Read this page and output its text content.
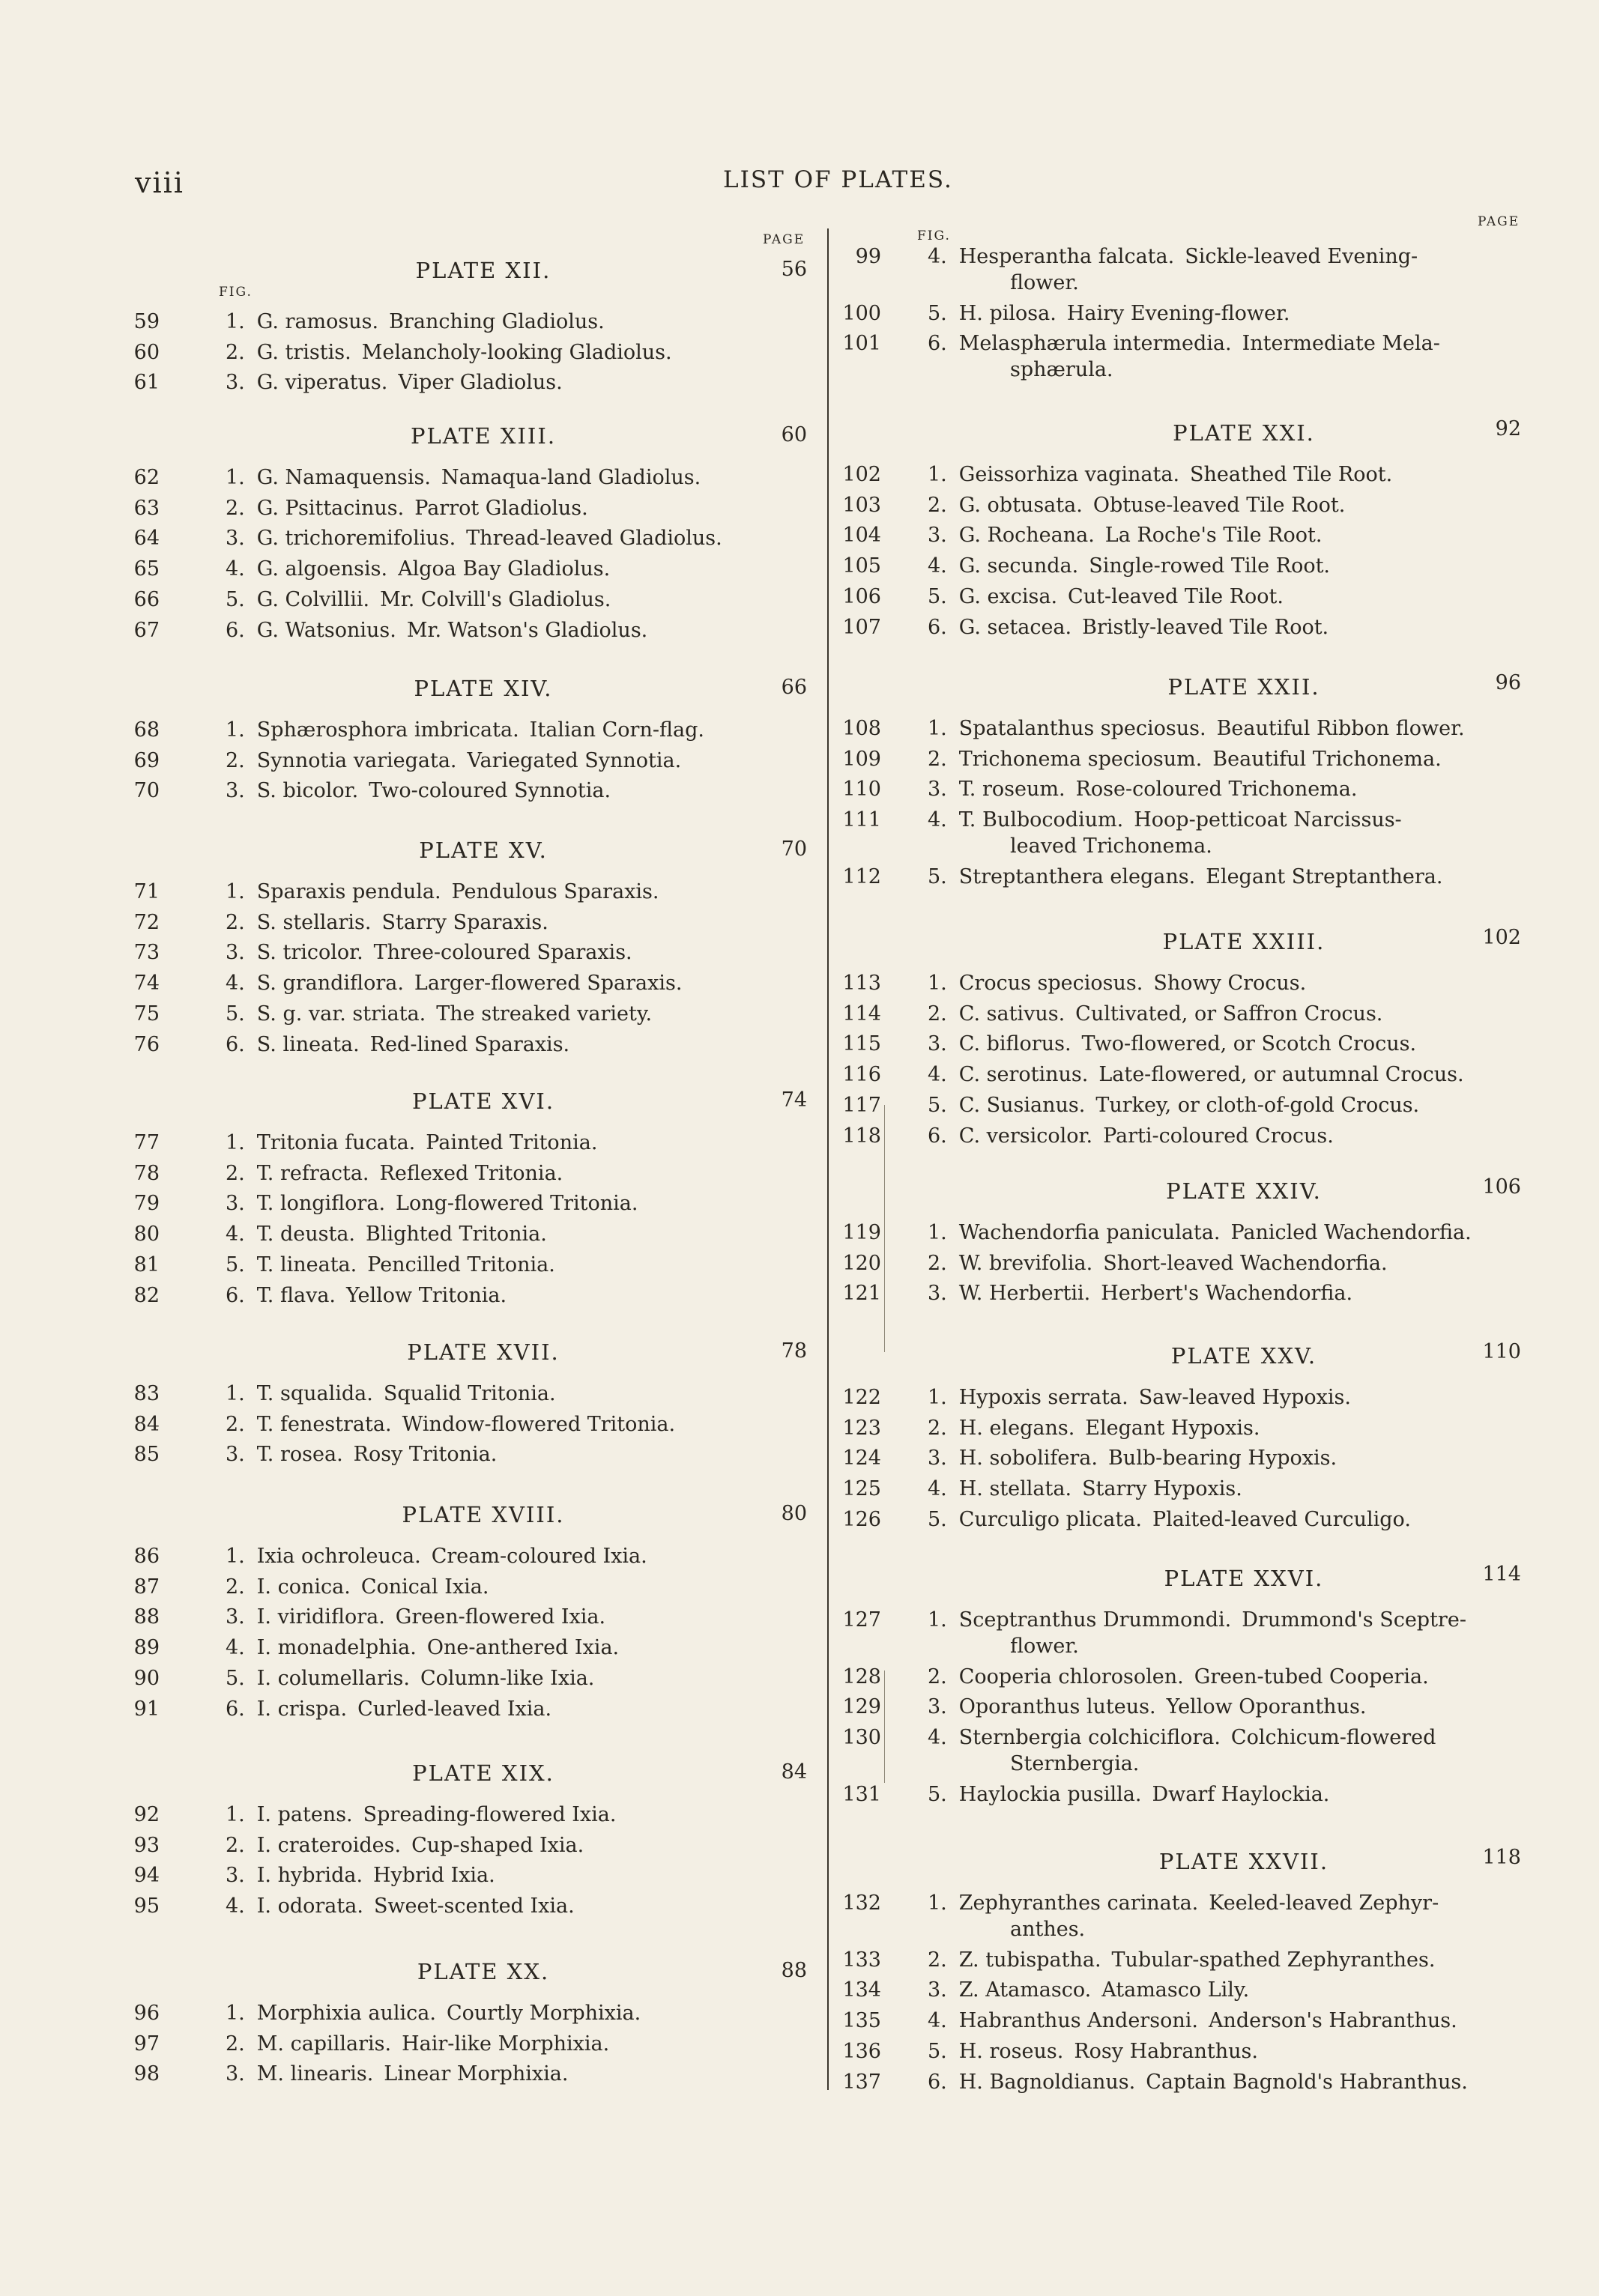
viii	LIST OF PLATES.
PAGE
FIG.
FIG.
PAGE
PLATE XII.	56
59	1. G. ramosus. Branching Gladiolus.
60	2. G. tristis. Melancholy-looking Gladiolus.
61	3. G. viperatus. Viper Gladiolus.
PLATE XIII.	60
62	1. G. Namaquensis. Namaqua-land Gladiolus.
63	2. G. Psittacinus. Parrot Gladiolus.
64	3. G. trichoremifolius. Thread-leaved Gladiolus.
65	4. G. algoensis. Algoa Bay Gladiolus.
66	5. G. Colvillii. Mr. Colvill's Gladiolus.
67	6. G. Watsonius. Mr. Watson's Gladiolus.
PLATE XIV.	66
68	1. Sphærosphora imbricata. Italian Corn-flag.
69	2. Synnotia variegata. Variegated Synnotia.
70	3. S. bicolor. Two-coloured Synnotia.
PLATE XV.	70
71	1. Sparaxis pendula. Pendulous Sparaxis.
72	2. S. stellaris. Starry Sparaxis.
73	3. S. tricolor. Three-coloured Sparaxis.
74	4. S. grandiflora. Larger-flowered Sparaxis.
75	5. S. g. var. striata. The streaked variety.
76	6. S. lineata. Red-lined Sparaxis.
PLATE XVI.	74
77	1. Tritonia fucata. Painted Tritonia.
78	2. T. refracta. Reflexed Tritonia.
79	3. T. longiflora. Long-flowered Tritonia.
80	4. T. deusta. Blighted Tritonia.
81	5. T. lineata. Pencilled Tritonia.
82	6. T. flava. Yellow Tritonia.
PLATE XVII.	78
83	1. T. squalida. Squalid Tritonia.
84	2. T. fenestrata. Window-flowered Tritonia.
85	3. T. rosea. Rosy Tritonia.
PLATE XVIII.	80
86	1. Ixia ochroleuca. Cream-coloured Ixia.
87	2. I. conica. Conical Ixia.
88	3. I. viridiflora. Green-flowered Ixia.
89	4. I. monadelphia. One-anthered Ixia.
90	5. I. columellaris. Column-like Ixia.
91	6. I. crispa. Curled-leaved Ixia.
PLATE XIX.	84
92	1. I. patens. Spreading-flowered Ixia.
93	2. I. crateroides. Cup-shaped Ixia.
94	3. I. hybrida. Hybrid Ixia.
95	4. I. odorata. Sweet-scented Ixia.
PLATE XX.	88
96	1. Morphixia aulica. Courtly Morphixia.
97	2. M. capillaris. Hair-like Morphixia.
98	3. M. linearis. Linear Morphixia.
99 4. Hesperantha falcata. Sickle-leaved Evening-
flower.
100 5. H. pilosa. Hairy Evening-flower.
101 6. Melasphærula intermedia. Intermediate Mela-
sphærula.
PLATE XXI.	92
102 1. Geissorhiza vaginata. Sheathed Tile Root.
103 2. G. obtusata. Obtuse-leaved Tile Root.
104 3. G. Rocheana. La Roche's Tile Root.
105 4. G. secunda. Single-rowed Tile Root.
106 5. G. excisa. Cut-leaved Tile Root.
107 6. G. setacea. Bristly-leaved Tile Root.
PLATE XXII.	96
108 1. Spatalanthus speciosus. Beautiful Ribbon flower.
109 2. Trichonema speciosum. Beautiful Trichonema.
110 3. T. roseum. Rose-coloured Trichonema.
111 4. T. Bulbocodium. Hoop-petticoat Narcissus-
leaved Trichonema.
112 5. Streptanthera elegans. Elegant Streptanthera.
PLATE XXIII.	102
113 1. Crocus speciosus. Showy Crocus.
114 2. C. sativus. Cultivated, or Saffron Crocus.
115 3. C. biflorus. Two-flowered, or Scotch Crocus.
116 4. C. serotinus. Late-flowered, or autumnal Crocus.
117 5. C. Susianus. Turkey, or cloth-of-gold Crocus.
118 6. C. versicolor. Parti-coloured Crocus.
PLATE XXIV.	106
119 1. Wachendorfia paniculata. Panicled Wachendorfia.
120 2. W. brevifolia. Short-leaved Wachendorfia.
121 3. W. Herbertii. Herbert's Wachendorfia.
PLATE XXV.	110
122 1. Hypoxis serrata. Saw-leaved Hypoxis.
123 2. H. elegans. Elegant Hypoxis.
124 3. H. sobolifera. Bulb-bearing Hypoxis.
125 4. H. stellata. Starry Hypoxis.
126 5. Curculigo plicata. Plaited-leaved Curculigo.
PLATE XXVI.	114
127 1. Sceptranthus Drummondi. Drummond's Sceptre-
flower.
128 2. Cooperia chlorosolen. Green-tubed Cooperia.
129 3. Oporanthus luteus. Yellow Oporanthus.
130 4. Sternbergia colchiciflora. Colchicum-flowered
Sternbergia.
131 5. Haylockia pusilla. Dwarf Haylockia.
PLATE XXVII.	118
132 1. Zephyranthes carinata. Keeled-leaved Zephyr-
anthes.
133 2. Z. tubispatha. Tubular-spathed Zephyranthes.
134 3. Z. Atamasco. Atamasco Lily.
135 4. Habranthus Andersoni. Anderson's Habranthus.
136 5. H. roseus. Rosy Habranthus.
137 6. H. Bagnoldianus. Captain Bagnold's Habranthus.
